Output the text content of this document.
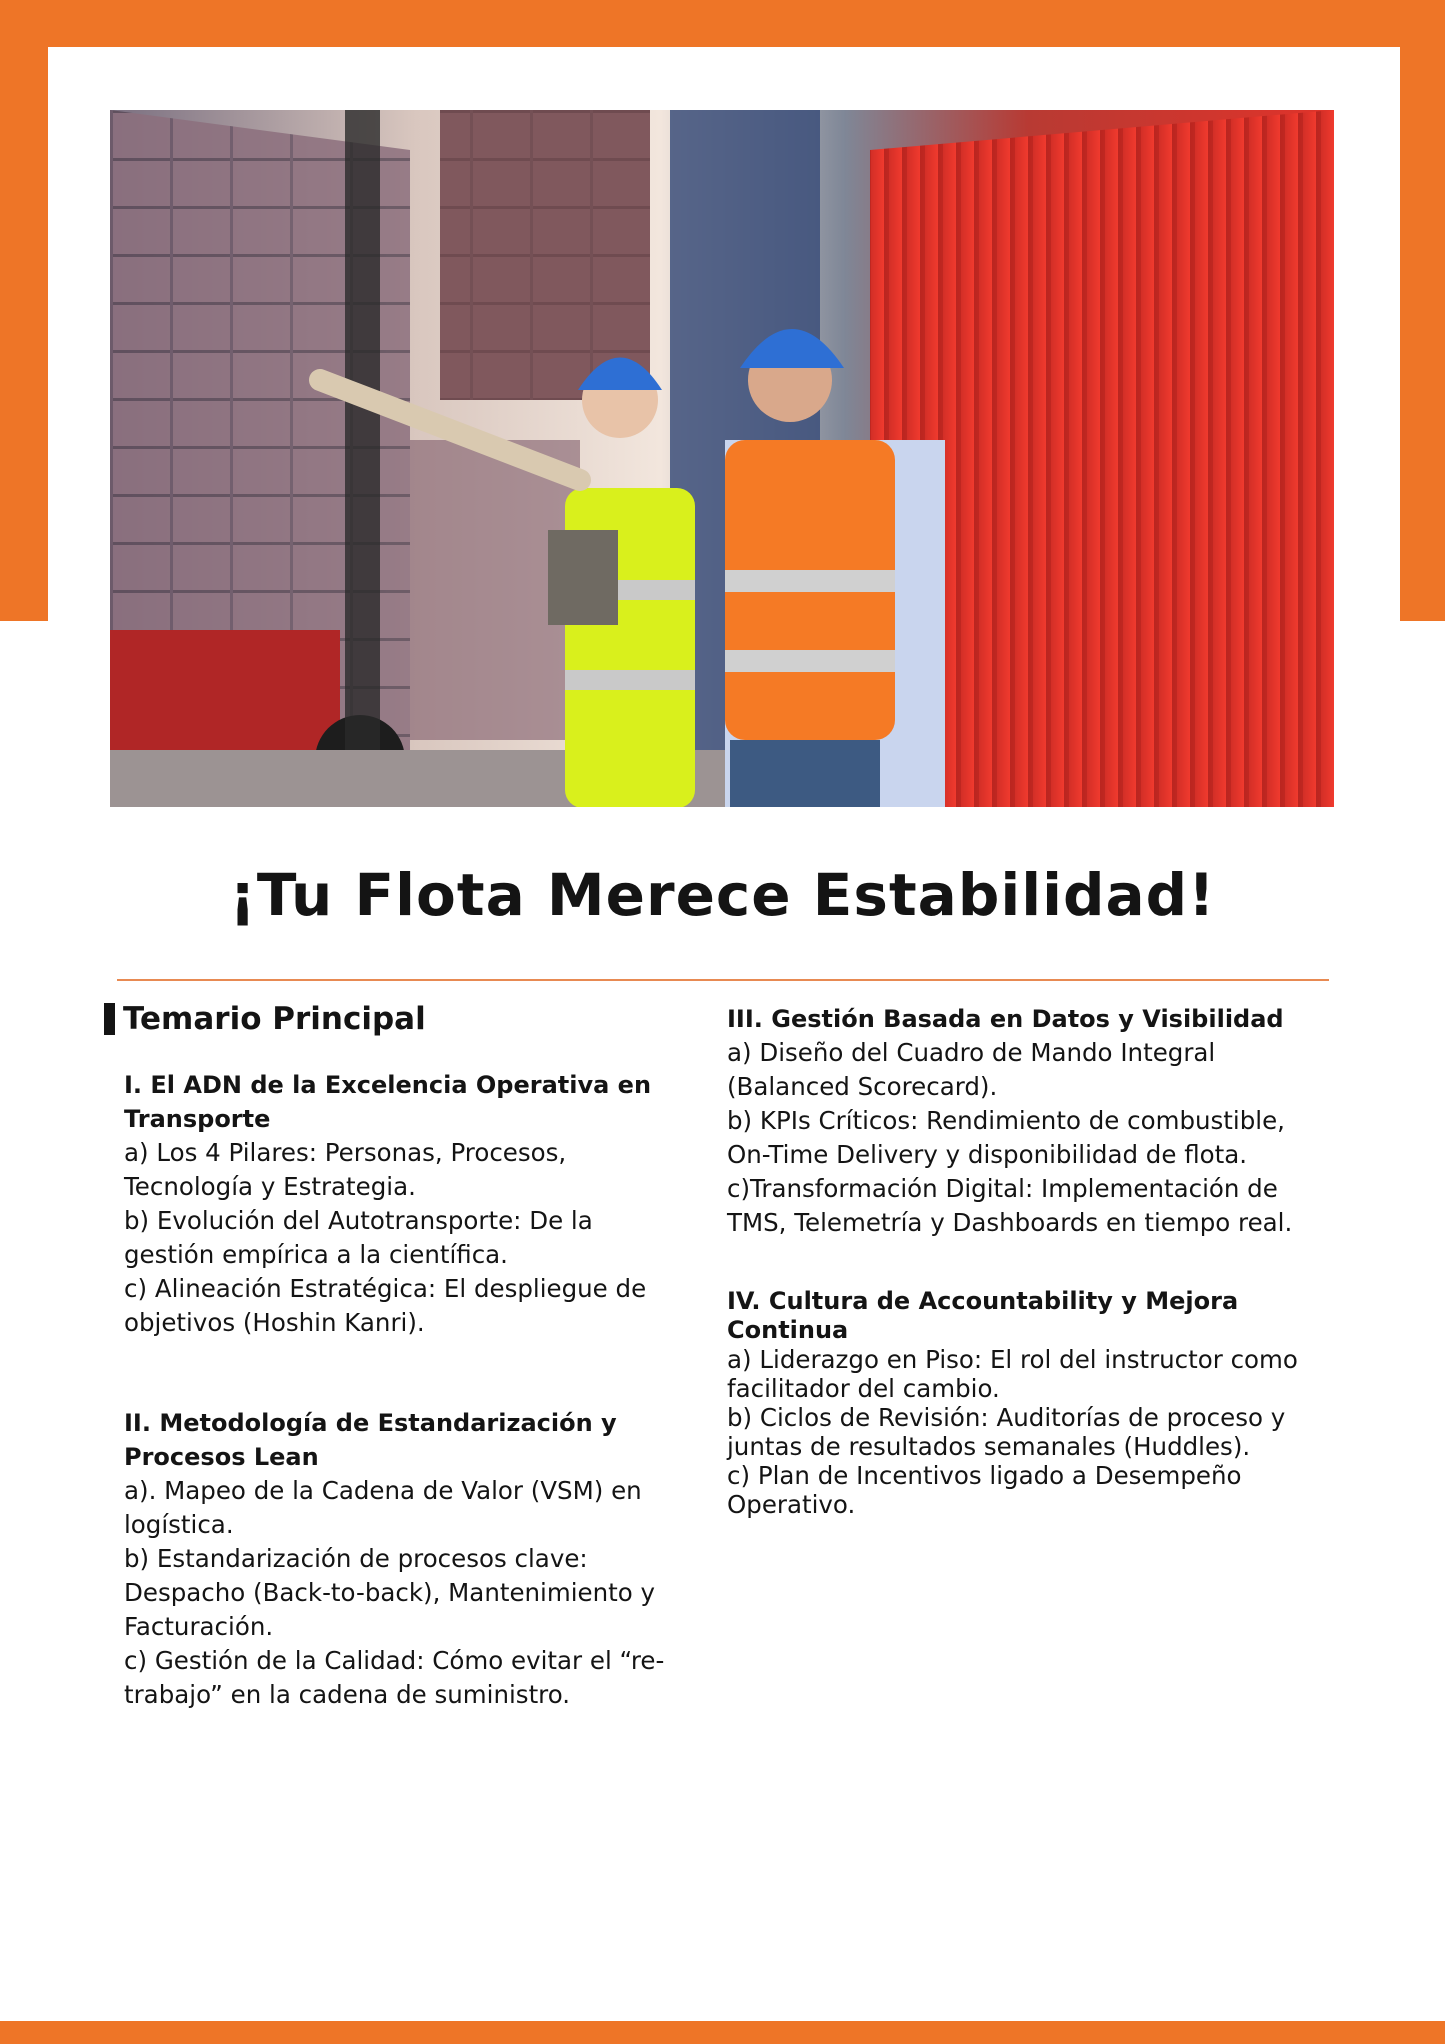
¡Tu Flota Merece Estabilidad!
Temario Principal
I. El ADN de la Excelencia Operativa en
Transporte
a) Los 4 Pilares: Personas, Procesos,
Tecnología y Estrategia.
b) Evolución del Autotransporte: De la
gestión empírica a la científica.
c) Alineación Estratégica: El despliegue de
objetivos (Hoshin Kanri).
II. Metodología de Estandarización y
Procesos Lean
a). Mapeo de la Cadena de Valor (VSM) en
logística.
b) Estandarización de procesos clave:
Despacho (Back-to-back), Mantenimiento y
Facturación.
c) Gestión de la Calidad: Cómo evitar el “re-
trabajo” en la cadena de suministro.
III. Gestión Basada en Datos y Visibilidad
a) Diseño del Cuadro de Mando Integral
(Balanced Scorecard).
b) KPIs Críticos: Rendimiento de combustible,
On-Time Delivery y disponibilidad de flota.
c)Transformación Digital: Implementación de
TMS, Telemetría y Dashboards en tiempo real.
IV. Cultura de Accountability y Mejora
Continua
a) Liderazgo en Piso: El rol del instructor como
facilitador del cambio.
b) Ciclos de Revisión: Auditorías de proceso y
juntas de resultados semanales (Huddles).
c) Plan de Incentivos ligado a Desempeño
Operativo.
